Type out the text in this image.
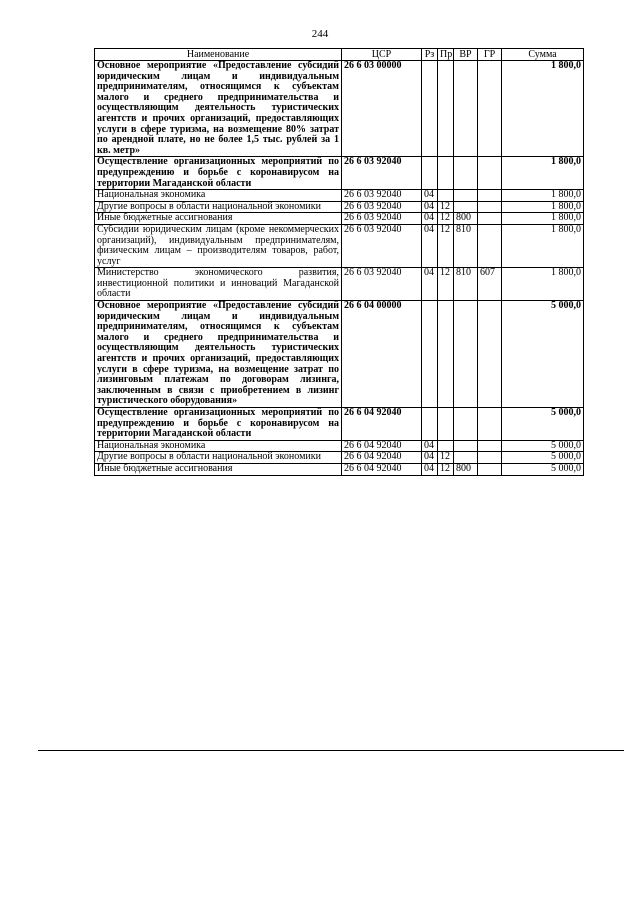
244
Наименование	ЦСР	Рз	Пр	ВР	ГР	Сумма
Основное мероприятие «Предоставление субсидий юридическим лицам и индивидуальным предпринимателям, относящимся к субъектам малого и среднего предпринимательства и осуществляющим деятельность туристических агентств и прочих организаций, предоставляющих услуги в сфере туризма, на возмещение 80% затрат по арендной плате, но не более 1,5 тыс. рублей за 1 кв. метр»	26 6 03 00000					1 800,0
Осуществление организационных мероприятий по предупреждению и борьбе с коронавирусом на территории Магаданской области	26 6 03 92040					1 800,0
Национальная экономика	26 6 03 92040	04				1 800,0
Другие вопросы в области национальной экономики	26 6 03 92040	04	12			1 800,0
Иные бюджетные ассигнования	26 6 03 92040	04	12	800		1 800,0
Субсидии юридическим лицам (кроме некоммерческих организаций), индивидуальным предпринимателям, физическим лицам – производителям товаров, работ, услуг	26 6 03 92040	04	12	810		1 800,0
Министерство экономического развития, инвестиционной политики и инноваций Магаданской области	26 6 03 92040	04	12	810	607	1 800,0
Основное мероприятие «Предоставление субсидий юридическим лицам и индивидуальным предпринимателям, относящимся к субъектам малого и среднего предпринимательства и осуществляющим деятельность туристических агентств и прочих организаций, предоставляющих услуги в сфере туризма, на возмещение затрат по лизинговым платежам по договорам лизинга, заключенным в связи с приобретением в лизинг туристического оборудования»	26 6 04 00000					5 000,0
Осуществление организационных мероприятий по предупреждению и борьбе с коронавирусом на территории Магаданской области	26 6 04 92040					5 000,0
Национальная экономика	26 6 04 92040	04				5 000,0
Другие вопросы в области национальной экономики	26 6 04 92040	04	12			5 000,0
Иные бюджетные ассигнования	26 6 04 92040	04	12	800		5 000,0
